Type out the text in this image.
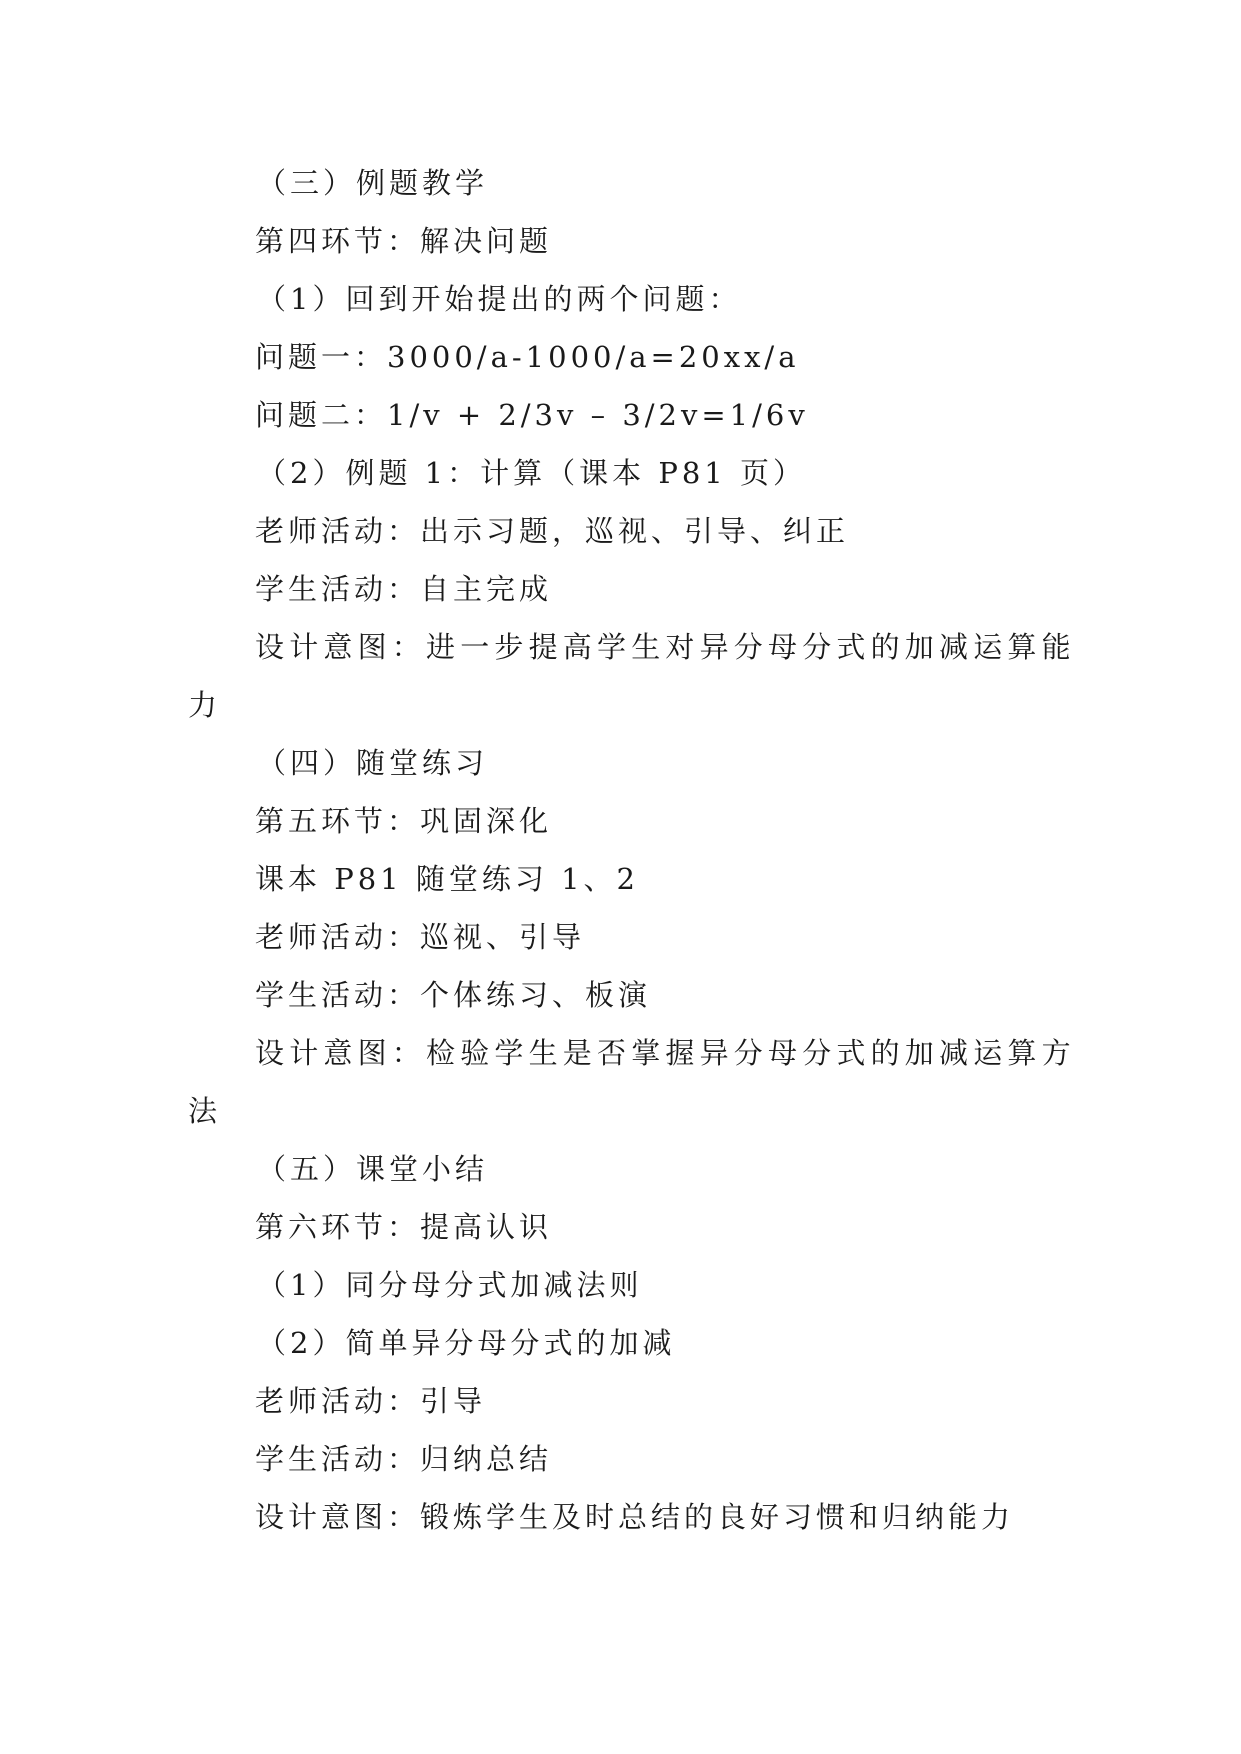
（三）例题教学
第四环节：解决问题
（1）回到开始提出的两个问题：
问题一：3000/a-1000/a=20xx/a
问题二：1/v + 2/3v – 3/2v=1/6v
（2）例题 1：计算（课本 P81 页）
老师活动：出示习题，巡视、引导、纠正
学生活动：自主完成
设计意图：进一步提高学生对异分母分式的加减运算能
力
（四）随堂练习
第五环节：巩固深化
课本 P81 随堂练习 1、2
老师活动：巡视、引导
学生活动：个体练习、板演
设计意图：检验学生是否掌握异分母分式的加减运算方
法
（五）课堂小结
第六环节：提高认识
（1）同分母分式加减法则
（2）简单异分母分式的加减
老师活动：引导
学生活动：归纳总结
设计意图：锻炼学生及时总结的良好习惯和归纳能力
